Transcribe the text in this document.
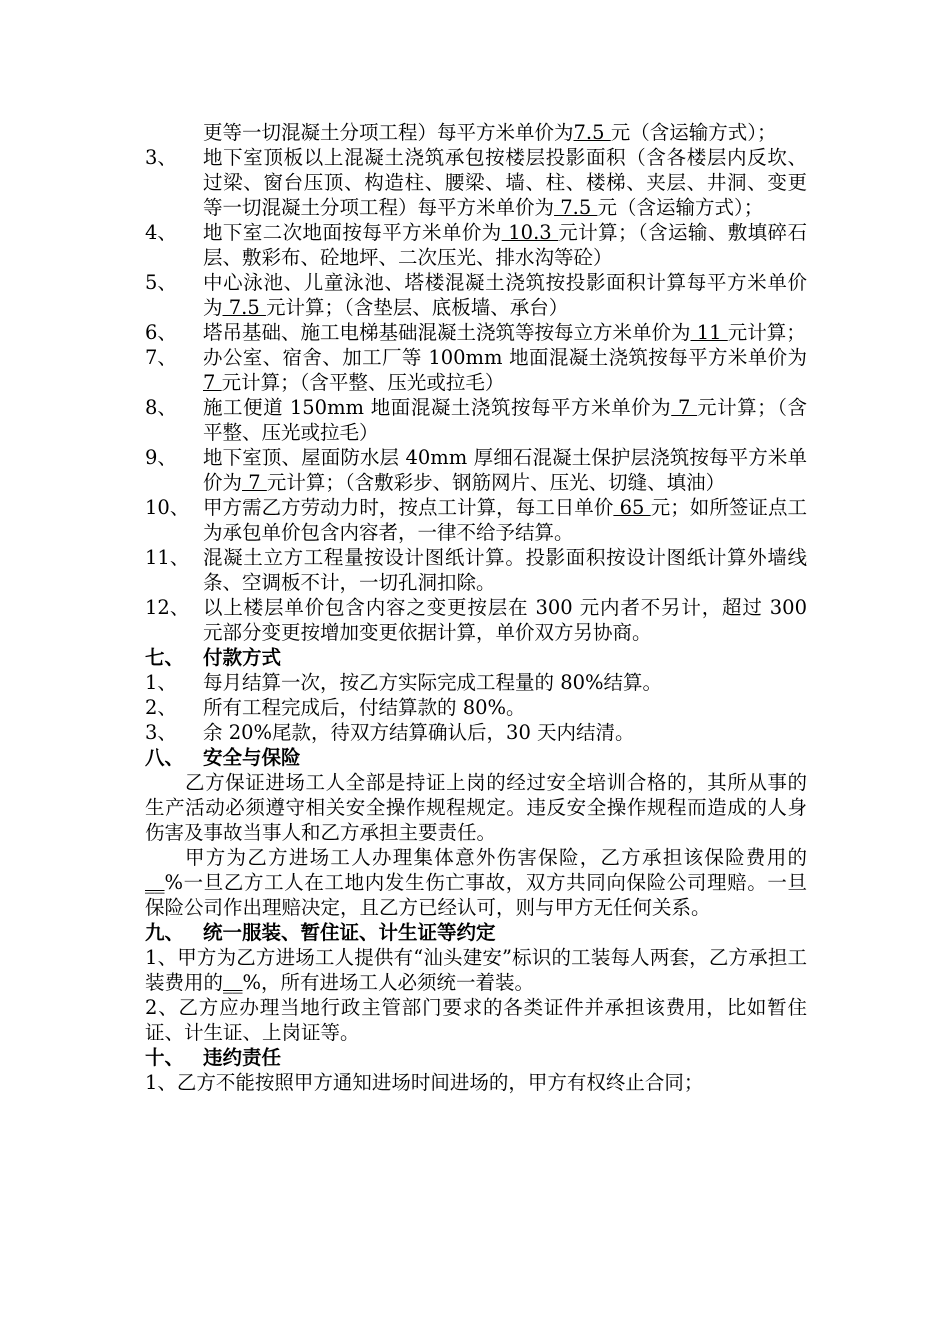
更等一切混凝土分项工程）每平方米单价为7.5 元（含运输方式）；
3、	地下室顶板以上混凝土浇筑承包按楼层投影面积（含各楼层内反坎、过梁、窗台压顶、构造柱、腰梁、墙、柱、楼梯、夹层、井洞、变更等一切混凝土分项工程）每平方米单价为 7.5 元（含运输方式）；
4、	地下室二次地面按每平方米单价为 10.3 元计算；（含运输、敷填碎石层、敷彩布、砼地坪、二次压光、排水沟等砼）
5、	中心泳池、儿童泳池、塔楼混凝土浇筑按投影面积计算每平方米单价为 7.5 元计算；（含垫层、底板墙、承台）
6、	塔吊基础、施工电梯基础混凝土浇筑等按每立方米单价为 11 元计算；
7、	办公室、宿舍、加工厂等 100mm 地面混凝土浇筑按每平方米单价为 7 元计算；（含平整、压光或拉毛）
8、	施工便道 150mm 地面混凝土浇筑按每平方米单价为 7 元计算；（含平整、压光或拉毛）
9、	地下室顶、屋面防水层 40mm 厚细石混凝土保护层浇筑按每平方米单价为 7 元计算；（含敷彩步、钢筋网片、压光、切缝、填油）
10、 甲方需乙方劳动力时，按点工计算，每工日单价 65 元；如所签证点工为承包单价包含内容者，一律不给予结算。
11、 混凝土立方工程量按设计图纸计算。投影面积按设计图纸计算外墙线条、空调板不计，一切孔洞扣除。
12、 以上楼层单价包含内容之变更按层在 300 元内者不另计，超过 300 元部分变更按增加变更依据计算，单价双方另协商。
七、 付款方式
1、	每月结算一次，按乙方实际完成工程量的 80%结算。
2、	所有工程完成后，付结算款的 80%。
3、	余 20%尾款，待双方结算确认后，30 天内结清。
八、 安全与保险
乙方保证进场工人全部是持证上岗的经过安全培训合格的，其所从事的生产活动必须遵守相关安全操作规程规定。违反安全操作规程而造成的人身伤害及事故当事人和乙方承担主要责任。
甲方为乙方进场工人办理集体意外伤害保险，乙方承担该保险费用的__%一旦乙方工人在工地内发生伤亡事故，双方共同向保险公司理赔。一旦保险公司作出理赔决定，且乙方已经认可，则与甲方无任何关系。
九、 统一服装、暂住证、计生证等约定
1、甲方为乙方进场工人提供有“汕头建安”标识的工装每人两套，乙方承担工装费用的__%，所有进场工人必须统一着装。
2、乙方应办理当地行政主管部门要求的各类证件并承担该费用，比如暂住证、计生证、上岗证等。
十、 违约责任
1、乙方不能按照甲方通知进场时间进场的，甲方有权终止合同；
